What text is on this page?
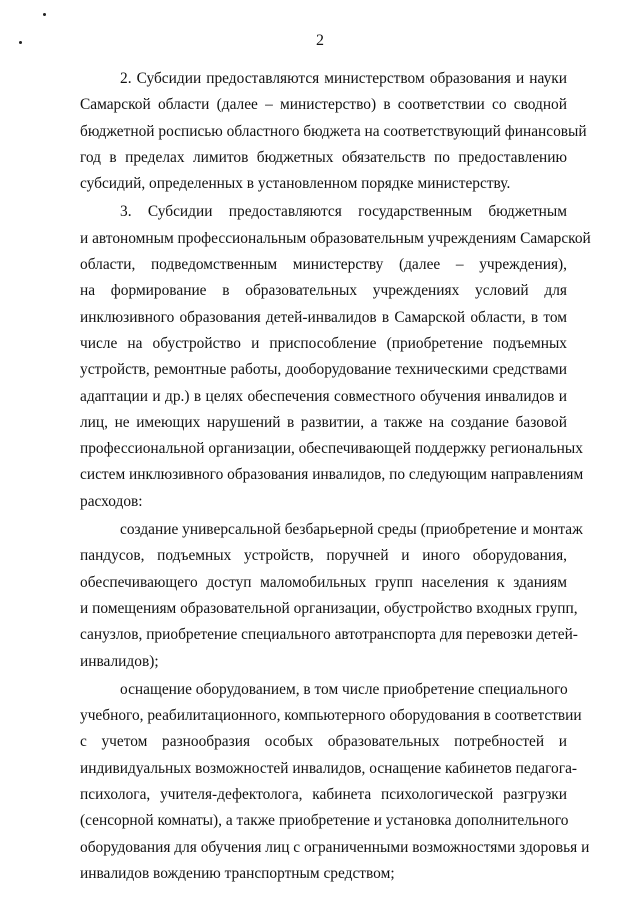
2
2. Субсидии предоставляются министерством образования и науки
Самарской области (далее – министерство) в соответствии со сводной
бюджетной росписью областного бюджета на соответствующий финансовый
год в пределах лимитов бюджетных обязательств по предоставлению
субсидий, определенных в установленном порядке министерству.
3. Субсидии предоставляются государственным бюджетным
и автономным профессиональным образовательным учреждениям Самарской
области, подведомственным министерству (далее – учреждения),
на формирование в образовательных учреждениях условий для
инклюзивного образования детей-инвалидов в Самарской области, в том
числе на обустройство и приспособление (приобретение подъемных
устройств, ремонтные работы, дооборудование техническими средствами
адаптации и др.) в целях обеспечения совместного обучения инвалидов и
лиц, не имеющих нарушений в развитии, а также на создание базовой
профессиональной организации, обеспечивающей поддержку региональных
систем инклюзивного образования инвалидов, по следующим направлениям
расходов:
создание универсальной безбарьерной среды (приобретение и монтаж
пандусов, подъемных устройств, поручней и иного оборудования,
обеспечивающего доступ маломобильных групп населения к зданиям
и помещениям образовательной организации, обустройство входных групп,
санузлов, приобретение специального автотранспорта для перевозки детей-
инвалидов);
оснащение оборудованием, в том числе приобретение специального
учебного, реабилитационного, компьютерного оборудования в соответствии
с учетом разнообразия особых образовательных потребностей и
индивидуальных возможностей инвалидов, оснащение кабинетов педагога-
психолога, учителя-дефектолога, кабинета психологической разгрузки
(сенсорной комнаты), а также приобретение и установка дополнительного
оборудования для обучения лиц с ограниченными возможностями здоровья и
инвалидов вождению транспортным средством;
